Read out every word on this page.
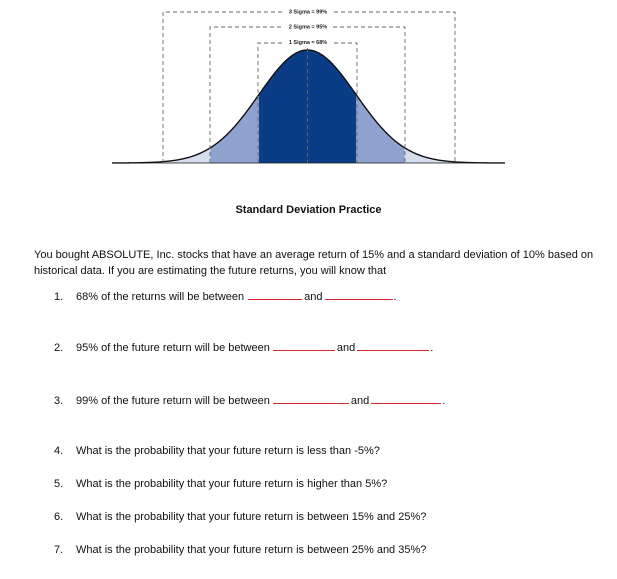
3 Sigma = 99%
2 Sigma = 95%
1 Sigma = 68%
Standard Deviation Practice
You bought ABSOLUTE, Inc. stocks that have an average return of 15% and a standard deviation of 10% based on historical data. If you are estimating the future returns, you will know that
1. 68% of the returns will be between	and	.
2. 95% of the future return will be between	and	.
3. 99% of the future return will be between	and	.
4. What is the probability that your future return is less than -5%?
5. What is the probability that your future return is higher than 5%?
6. What is the probability that your future return is between 15% and 25%?
7. What is the probability that your future return is between 25% and 35%?
